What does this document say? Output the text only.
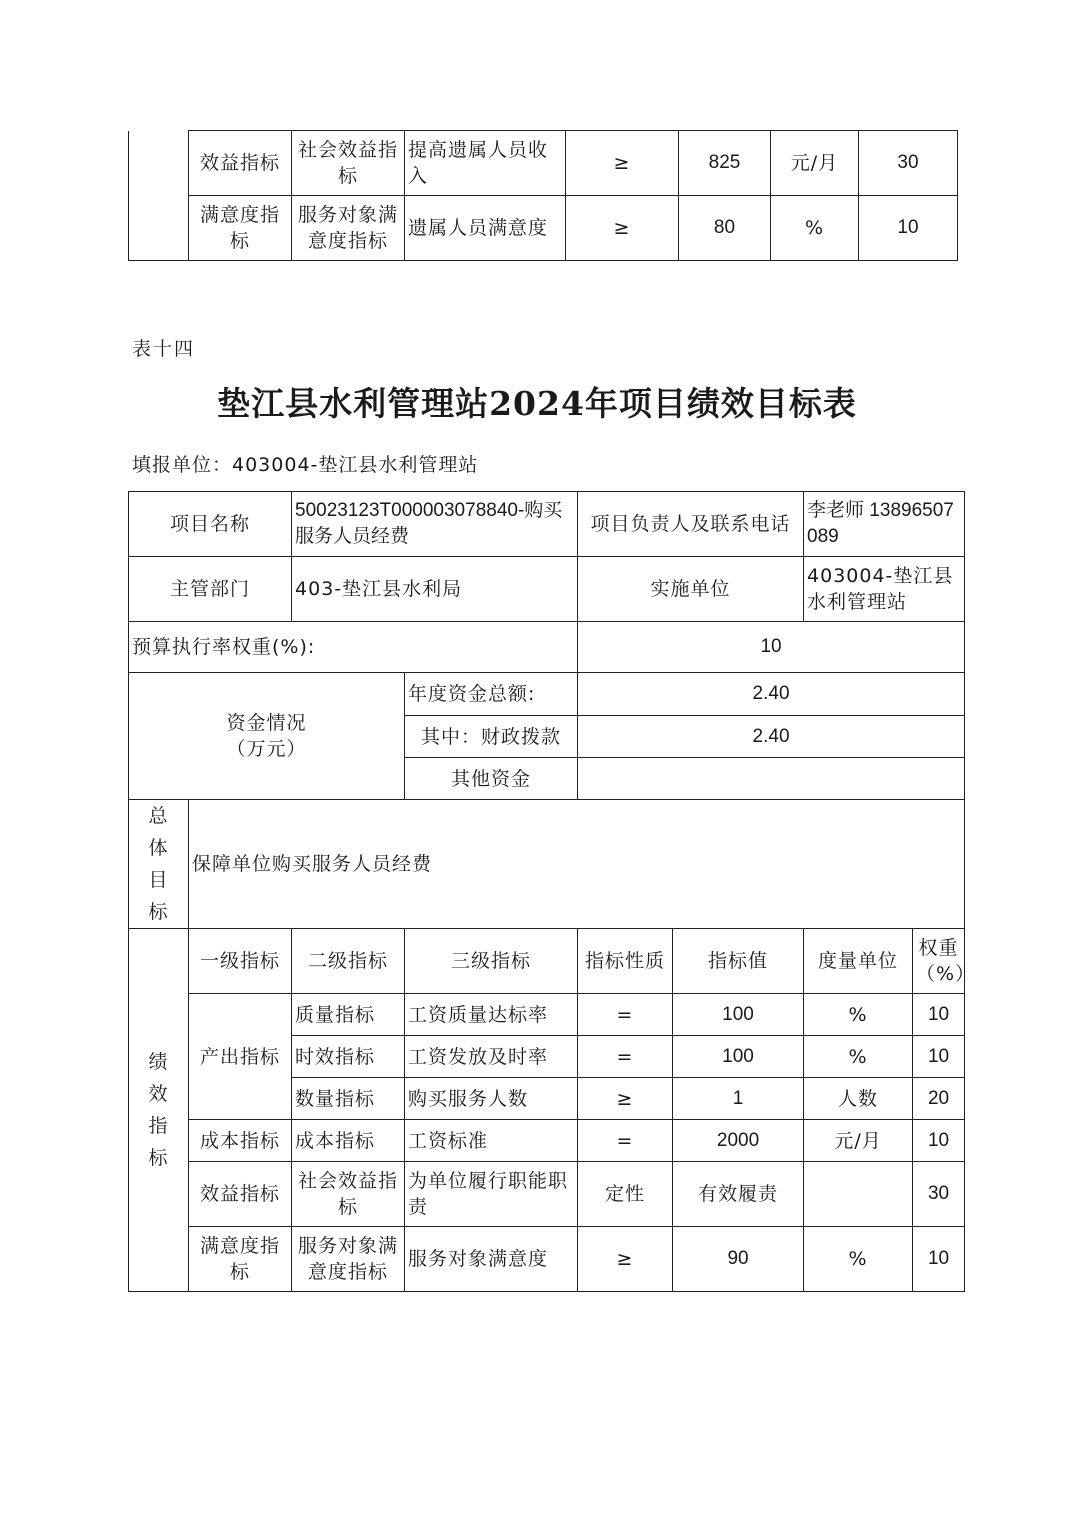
	效益指标	社会效益指标	提高遗属人员收入	≥	825	元/月	30
	满意度指标	服务对象满意度指标	遗属人员满意度	≥	80	%	10
表十四
垫江县水利管理站2024年项目绩效目标表
填报单位：403004-垫江县水利管理站
项目名称		50023123T000003078840-购买服务人员经费		项目负责人及联系电话		李老师 13896507089	
主管部门		403-垫江县水利局		实施单位		403004-垫江县水利管理站	
预算执行率权重(%):				10			

资金情况
（万元）			年度资金总额:	2.40			
			其中：财政拨款	2.40			
			其他资金				

总
体
目
标	保障单位购买服务人员经费						

绩
效
指
标	一级指标	二级指标	三级指标	指标性质	指标值	度量单位	权重（%）
	产出指标	质量指标	工资质量达标率	=	100	%	10
		时效指标	工资发放及时率	=	100	%	10
		数量指标	购买服务人数	≥	1	人数	20
	成本指标	成本指标	工资标准	=	2000	元/月	10
	效益指标	社会效益指标	为单位履行职能职责	定性	有效履责		30
	满意度指标	服务对象满意度指标	服务对象满意度	≥	90	%	10
